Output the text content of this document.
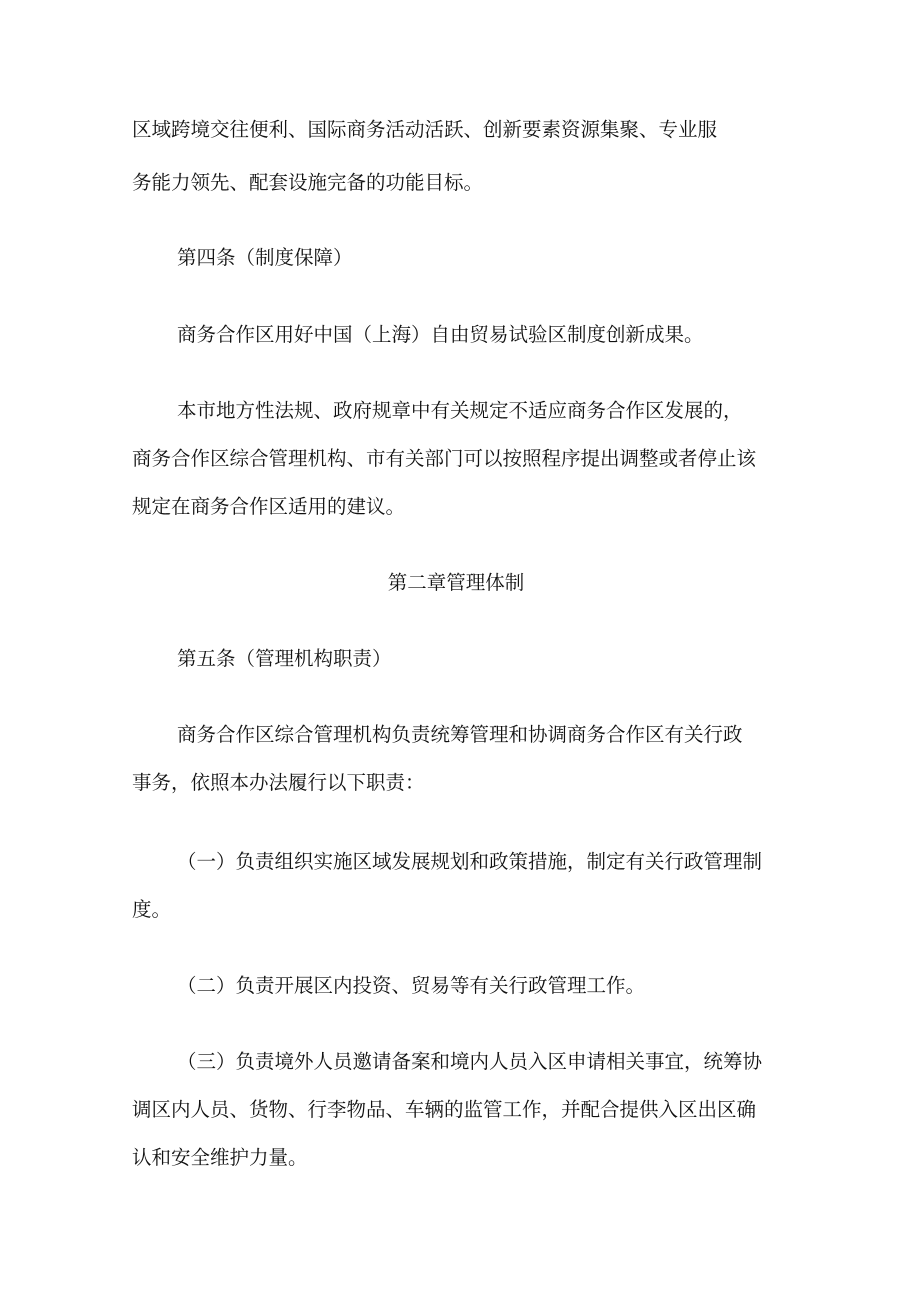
区域跨境交往便利、国际商务活动活跃、创新要素资源集聚、专业服
务能力领先、配套设施完备的功能目标。
第四条（制度保障）
商务合作区用好中国（上海）自由贸易试验区制度创新成果。
本市地方性法规、政府规章中有关规定不适应商务合作区发展的，
商务合作区综合管理机构、市有关部门可以按照程序提出调整或者停止该
规定在商务合作区适用的建议。
第二章管理体制
第五条（管理机构职责）
商务合作区综合管理机构负责统筹管理和协调商务合作区有关行政
事务，依照本办法履行以下职责：
（一）负责组织实施区域发展规划和政策措施，制定有关行政管理制
度。
（二）负责开展区内投资、贸易等有关行政管理工作。
（三）负责境外人员邀请备案和境内人员入区申请相关事宜，统筹协
调区内人员、货物、行李物品、车辆的监管工作，并配合提供入区出区确
认和安全维护力量。
